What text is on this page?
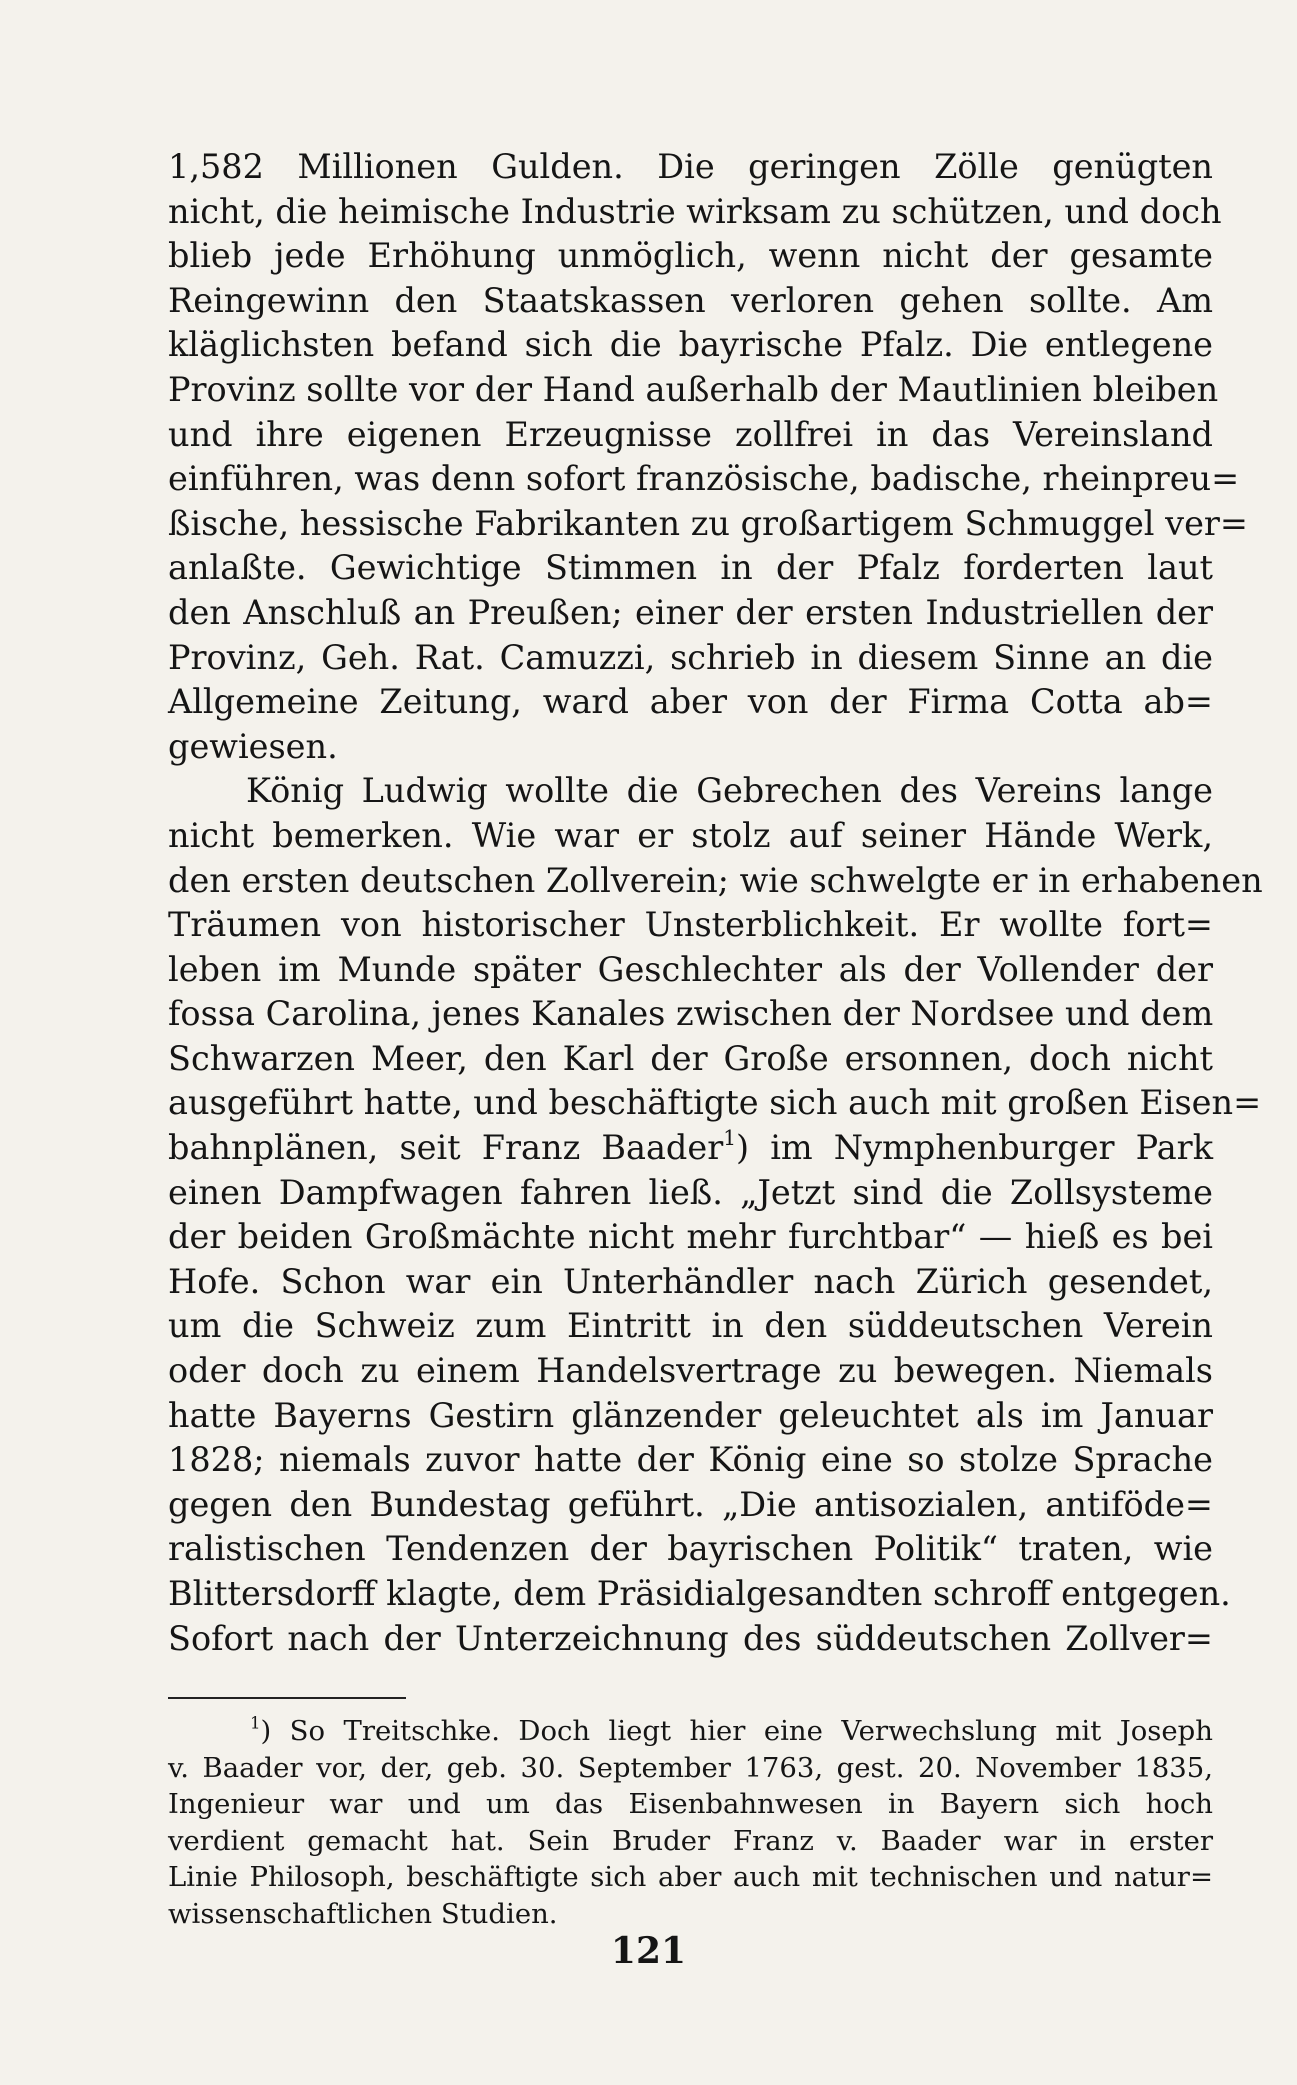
1,582 Millionen Gulden. Die geringen Zölle genügten
nicht, die heimische Industrie wirksam zu schützen, und doch
blieb jede Erhöhung unmöglich, wenn nicht der gesamte
Reingewinn den Staatskassen verloren gehen sollte. Am
kläglichsten befand sich die bayrische Pfalz. Die entlegene
Provinz sollte vor der Hand außerhalb der Mautlinien bleiben
und ihre eigenen Erzeugnisse zollfrei in das Vereinsland
einführen, was denn sofort französische, badische, rheinpreu=
ßische, hessische Fabrikanten zu großartigem Schmuggel ver=
anlaßte. Gewichtige Stimmen in der Pfalz forderten laut
den Anschluß an Preußen; einer der ersten Industriellen der
Provinz, Geh. Rat. Camuzzi, schrieb in diesem Sinne an die
Allgemeine Zeitung, ward aber von der Firma Cotta ab=
gewiesen.
König Ludwig wollte die Gebrechen des Vereins lange
nicht bemerken. Wie war er stolz auf seiner Hände Werk,
den ersten deutschen Zollverein; wie schwelgte er in erhabenen
Träumen von historischer Unsterblichkeit. Er wollte fort=
leben im Munde später Geschlechter als der Vollender der
fossa Carolina, jenes Kanales zwischen der Nordsee und dem
Schwarzen Meer, den Karl der Große ersonnen, doch nicht
ausgeführt hatte, und beschäftigte sich auch mit großen Eisen=
bahnplänen, seit Franz Baader$^1$) im Nymphenburger Park
einen Dampfwagen fahren ließ. „Jetzt sind die Zollsysteme
der beiden Großmächte nicht mehr furchtbar“ — hieß es bei
Hofe. Schon war ein Unterhändler nach Zürich gesendet,
um die Schweiz zum Eintritt in den süddeutschen Verein
oder doch zu einem Handelsvertrage zu bewegen. Niemals
hatte Bayerns Gestirn glänzender geleuchtet als im Januar
1828; niemals zuvor hatte der König eine so stolze Sprache
gegen den Bundestag geführt. „Die antisozialen, antiföde=
ralistischen Tendenzen der bayrischen Politik“ traten, wie
Blittersdorff klagte, dem Präsidialgesandten schroff entgegen.
Sofort nach der Unterzeichnung des süddeutschen Zollver=
$^1$) So Treitschke. Doch liegt hier eine Verwechslung mit Joseph
v. Baader vor, der, geb. 30. September 1763, gest. 20. November 1835,
Ingenieur war und um das Eisenbahnwesen in Bayern sich hoch
verdient gemacht hat. Sein Bruder Franz v. Baader war in erster
Linie Philosoph, beschäftigte sich aber auch mit technischen und natur=
wissenschaftlichen Studien.
121
